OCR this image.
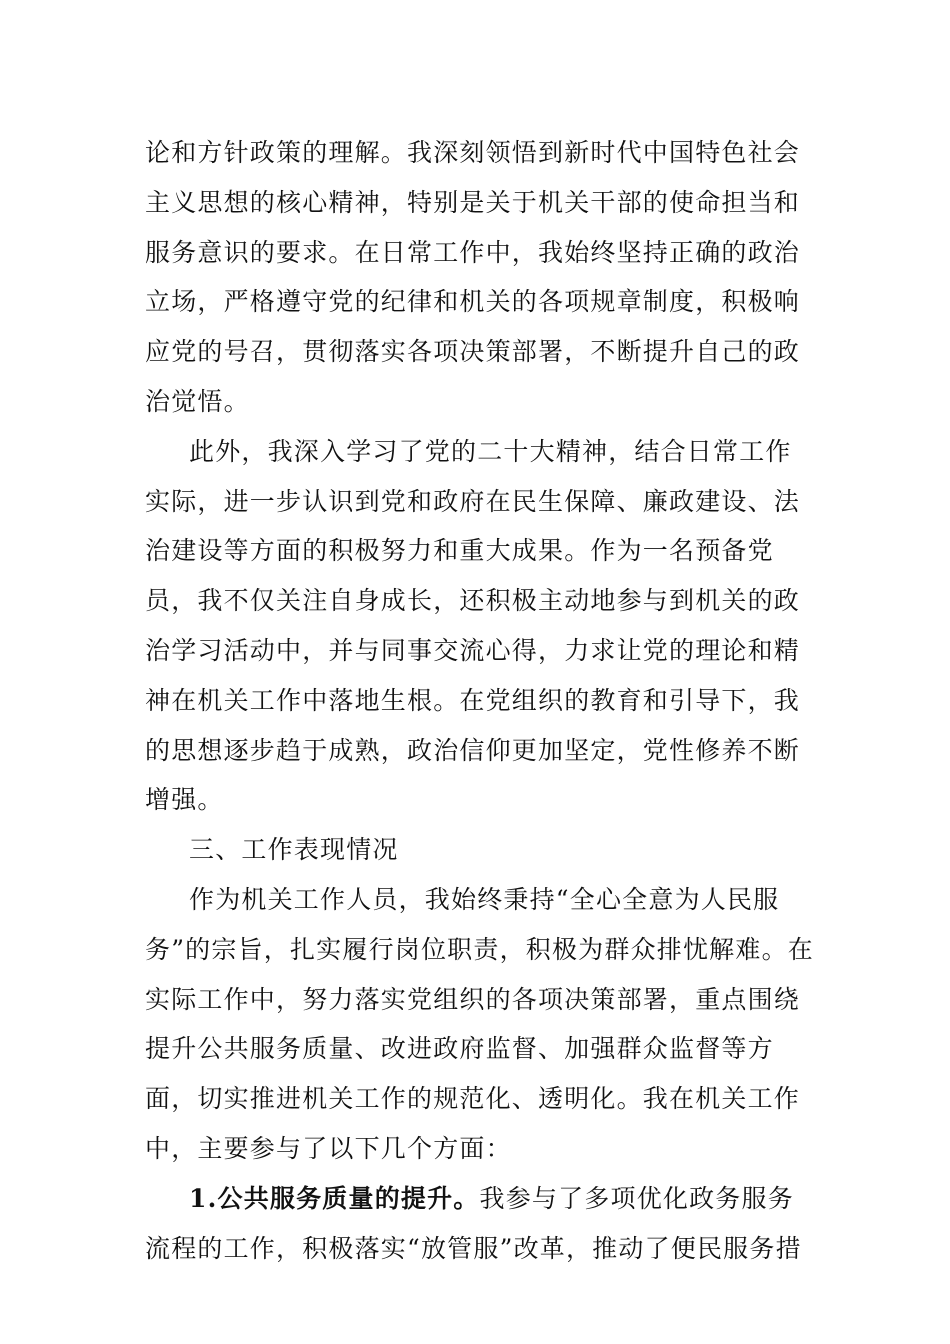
论和方针政策的理解。我深刻领悟到新时代中国特色社会主义思想的核心精神，特别是关于机关干部的使命担当和服务意识的要求。在日常工作中，我始终坚持正确的政治立场，严格遵守党的纪律和机关的各项规章制度，积极响应党的号召，贯彻落实各项决策部署，不断提升自己的政治觉悟。

此外，我深入学习了党的二十大精神，结合日常工作实际，进一步认识到党和政府在民生保障、廉政建设、法治建设等方面的积极努力和重大成果。作为一名预备党员，我不仅关注自身成长，还积极主动地参与到机关的政治学习活动中，并与同事交流心得，力求让党的理论和精神在机关工作中落地生根。在党组织的教育和引导下，我的思想逐步趋于成熟，政治信仰更加坚定，党性修养不断增强。

三、工作表现情况

作为机关工作人员，我始终秉持“全心全意为人民服务”的宗旨，扎实履行岗位职责，积极为群众排忧解难。在实际工作中，努力落实党组织的各项决策部署，重点围绕提升公共服务质量、改进政府监督、加强群众监督等方面，切实推进机关工作的规范化、透明化。我在机关工作中，主要参与了以下几个方面：

1.公共服务质量的提升。我参与了多项优化政务服务流程的工作，积极落实“放管服”改革，推动了便民服务措
